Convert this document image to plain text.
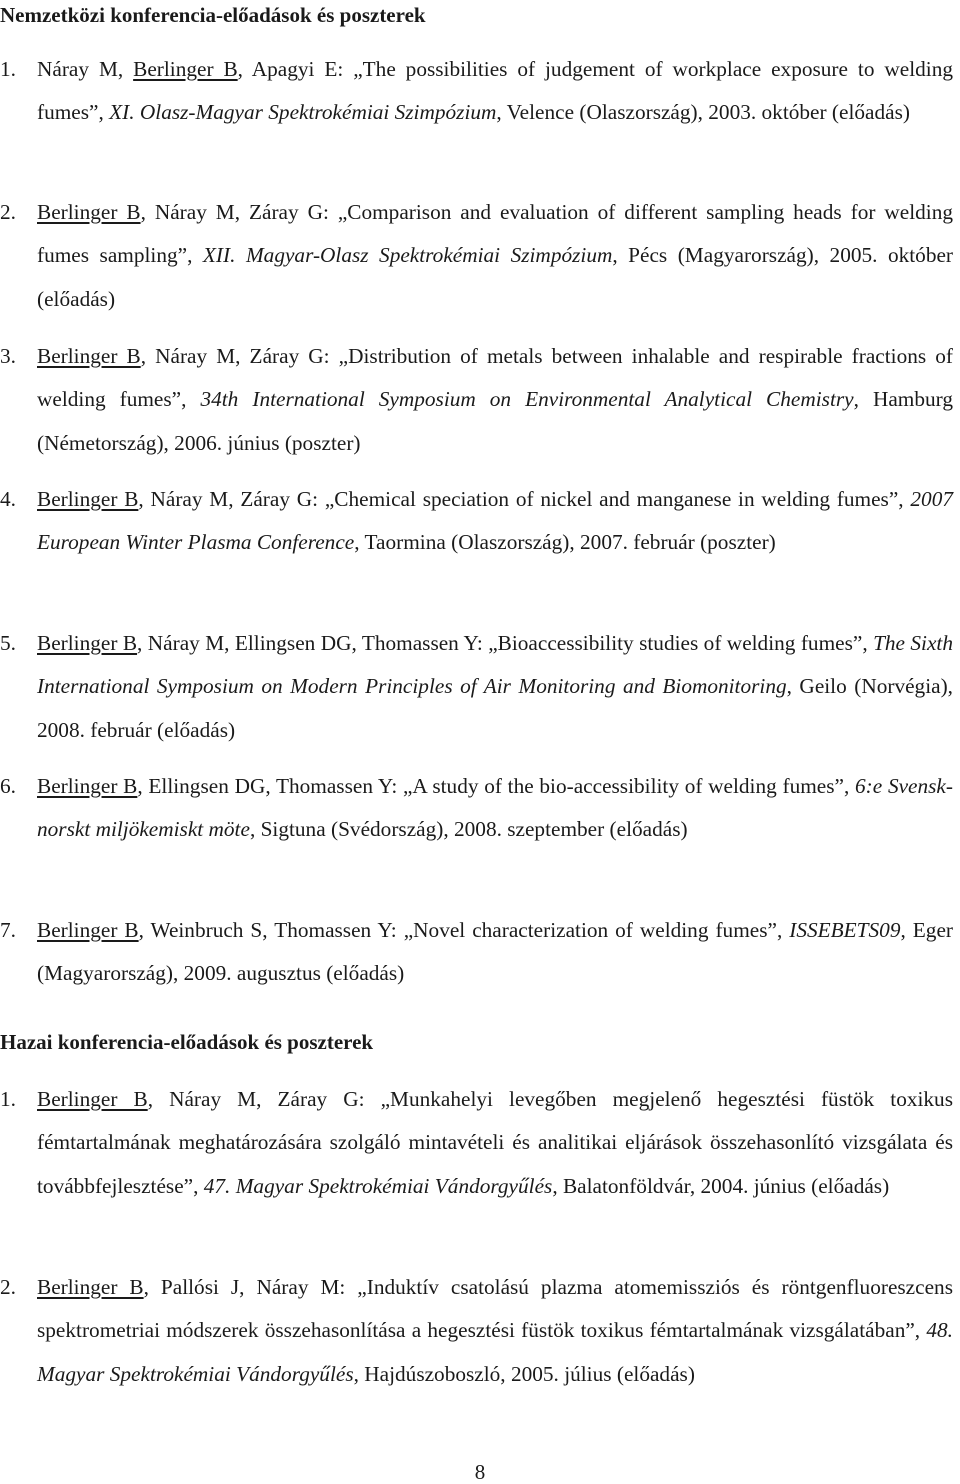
Nemzetközi konferencia-előadások és poszterek
1. Náray M, Berlinger B, Apagyi E: „The possibilities of judgement of workplace exposure to welding fumes”, XI. Olasz-Magyar Spektrokémiai Szimpózium, Velence (Olaszország), 2003. október (előadás)
2. Berlinger B, Náray M, Záray G: „Comparison and evaluation of different sampling heads for welding fumes sampling”, XII. Magyar-Olasz Spektrokémiai Szimpózium, Pécs (Magyarország), 2005. október (előadás)
3. Berlinger B, Náray M, Záray G: „Distribution of metals between inhalable and respirable fractions of welding fumes”, 34th International Symposium on Environmental Analytical Chemistry, Hamburg (Németország), 2006. június (poszter)
4. Berlinger B, Náray M, Záray G: „Chemical speciation of nickel and manganese in welding fumes”, 2007 European Winter Plasma Conference, Taormina (Olaszország), 2007. február (poszter)
5. Berlinger B, Náray M, Ellingsen DG, Thomassen Y: „Bioaccessibility studies of welding fumes”, The Sixth International Symposium on Modern Principles of Air Monitoring and Biomonitoring, Geilo (Norvégia), 2008. február (előadás)
6. Berlinger B, Ellingsen DG, Thomassen Y: „A study of the bio-accessibility of welding fumes”, 6:e Svensk-norskt miljökemiskt möte, Sigtuna (Svédország), 2008. szeptember (előadás)
7. Berlinger B, Weinbruch S, Thomassen Y: „Novel characterization of welding fumes”, ISSEBETS09, Eger (Magyarország), 2009. augusztus (előadás)
Hazai konferencia-előadások és poszterek
1. Berlinger B, Náray M, Záray G: „Munkahelyi levegőben megjelenő hegesztési füstök toxikus fémtartalmának meghatározására szolgáló mintavételi és analitikai eljárások összehasonlító vizsgálata és továbbfejlesztése”, 47. Magyar Spektrokémiai Vándorgyűlés, Balatonföldvár, 2004. június (előadás)
2. Berlinger B, Pallósi J, Náray M: „Induktív csatolású plazma atomemissziós és röntgenfluoreszcens spektrometriai módszerek összehasonlítása a hegesztési füstök toxikus fémtartalmának vizsgálatában”, 48. Magyar Spektrokémiai Vándorgyűlés, Hajdúszoboszló, 2005. július (előadás)
8
